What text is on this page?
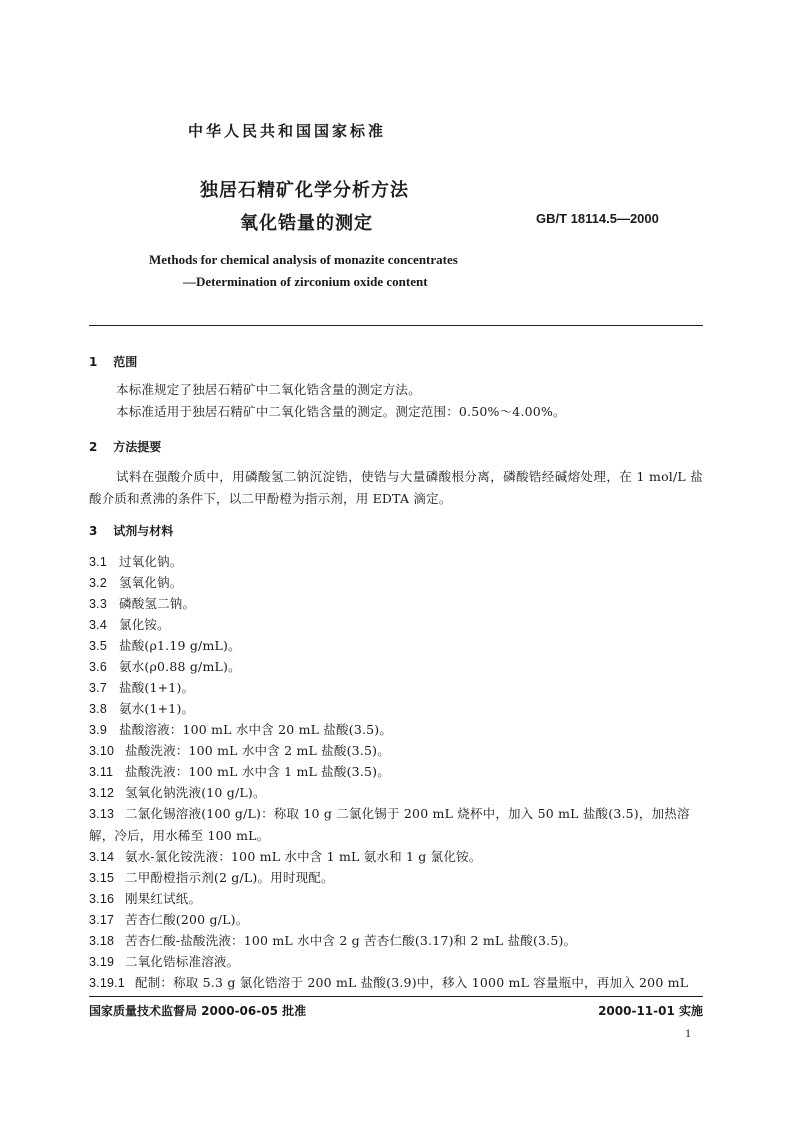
中华人民共和国国家标准
独居石精矿化学分析方法
氧化锆量的测定	GB/T 18114.5—2000
Methods for chemical analysis of monazite concentrates
—Determination of zirconium oxide content
1 范围
本标准规定了独居石精矿中二氧化锆含量的测定方法。
本标准适用于独居石精矿中二氧化锆含量的测定。测定范围：0.50%～4.00%。
2 方法提要
试料在强酸介质中，用磷酸氢二钠沉淀锆，使锆与大量磷酸根分离，磷酸锆经碱熔处理，在 1 mol/L 盐酸介质和煮沸的条件下，以二甲酚橙为指示剂，用 EDTA 滴定。
3 试剂与材料
3.1 过氧化钠。
3.2 氢氧化钠。
3.3 磷酸氢二钠。
3.4 氯化铵。
3.5 盐酸(ρ1.19 g/mL)。
3.6 氨水(ρ0.88 g/mL)。
3.7 盐酸(1+1)。
3.8 氨水(1+1)。
3.9 盐酸溶液：100 mL 水中含 20 mL 盐酸(3.5)。
3.10 盐酸洗液：100 mL 水中含 2 mL 盐酸(3.5)。
3.11 盐酸洗液：100 mL 水中含 1 mL 盐酸(3.5)。
3.12 氢氧化钠洗液(10 g/L)。
3.13 二氯化锡溶液(100 g/L)：称取 10 g 二氯化锡于 200 mL 烧杯中，加入 50 mL 盐酸(3.5)，加热溶解，冷后，用水稀至 100 mL。
3.14 氨水-氯化铵洗液：100 mL 水中含 1 mL 氨水和 1 g 氯化铵。
3.15 二甲酚橙指示剂(2 g/L)。用时现配。
3.16 刚果红试纸。
3.17 苦杏仁酸(200 g/L)。
3.18 苦杏仁酸-盐酸洗液：100 mL 水中含 2 g 苦杏仁酸(3.17)和 2 mL 盐酸(3.5)。
3.19 二氧化锆标准溶液。
3.19.1 配制：称取 5.3 g 氯化锆溶于 200 mL 盐酸(3.9)中，移入 1000 mL 容量瓶中，再加入 200 mL
国家质量技术监督局 2000-06-05 批准	2000-11-01 实施
1
